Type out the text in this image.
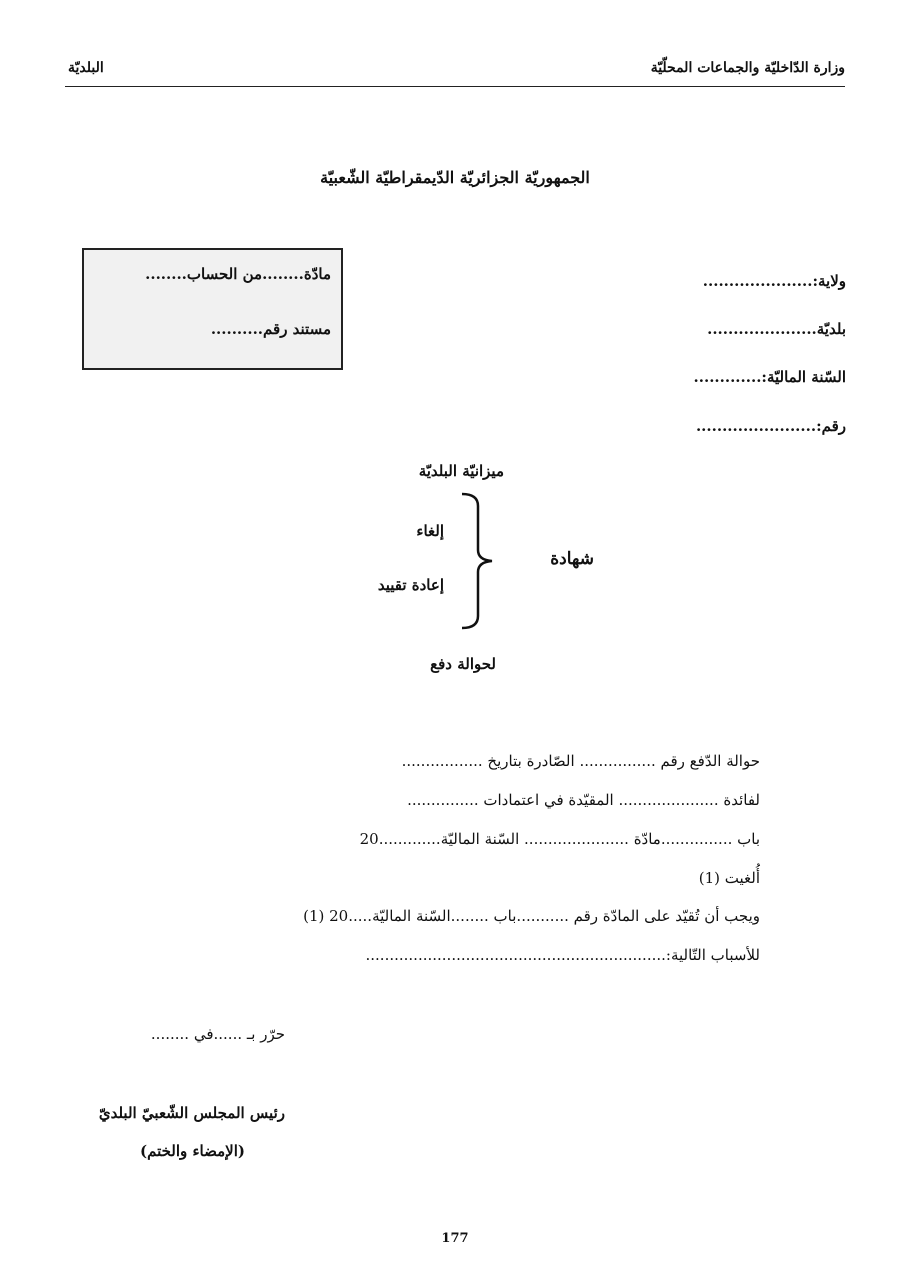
وزارة الدّاخليّة والجماعات المحلّيّة
البلديّة
الجمهوريّة الجزائريّة الدّيمقراطيّة الشّعبيّة
مادّة........من الحساب........
مستند رقم..........
ولاية:.....................
بلديّة.....................
السّنة الماليّة:.............
رقم:.......................
ميزانيّة البلديّة
إلغاء
إعادة تقييد
شهادة
لحوالة دفع
حوالة الدّفع رقم ................ الصّادرة بتاريخ .................
لفائدة ..................... المقيّدة في اعتمادات ...............
باب ...............مادّة ...................... السّنة الماليّة.............20
أُلغيت (1)
ويجب أن تُقيّد على المادّة رقم ...........باب ........السّنة الماليّة.....20 (1)
للأسباب التّالية:...............................................................
حرّر بـ ......في ........
رئيس المجلس الشّعبيّ البلديّ
(الإمضاء والختم)
177
